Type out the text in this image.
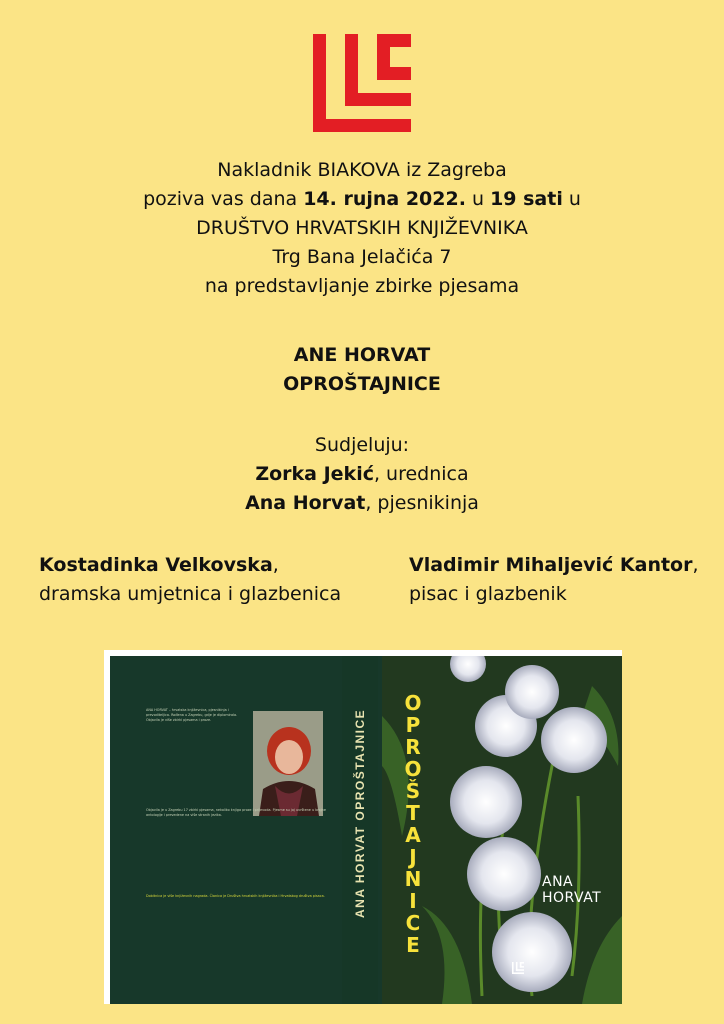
Nakladnik BIAKOVA iz Zagreba
poziva vas dana 14. rujna 2022. u 19 sati u
DRUŠTVO HRVATSKIH KNJIŽEVNIKA
Trg Bana Jelačića 7
na predstavljanje zbirke pjesama
ANE HORVAT
OPROŠTAJNICE
Sudjeluju:
Zorka Jekić, urednica
Ana Horvat, pjesnikinja
Kostadinka Velkovska,
dramska umjetnica i glazbenica
Vladimir Mihaljević Kantor,
pisac i glazbenik
ANA HORVAT – hrvatska književnica, pjesnikinja i prevoditeljica. Rođena u Zagrebu, gdje je diplomirala. Objavila je više zbirki pjesama i proze.
Objavila je u Zagrebu 17 zbirki pjesama, nekoliko knjiga proze i prijevoda. Pjesme su joj uvrštene u brojne antologije i prevedene na više stranih jezika.
Dobitnica je više književnih nagrada. Članica je Društva hrvatskih književnika i Hrvatskog društva pisaca. ANA HORVAT OPROŠTAJNICE
O
P
R
O
Š
T
A
J
N
I
C
E
ANA
HORVAT
